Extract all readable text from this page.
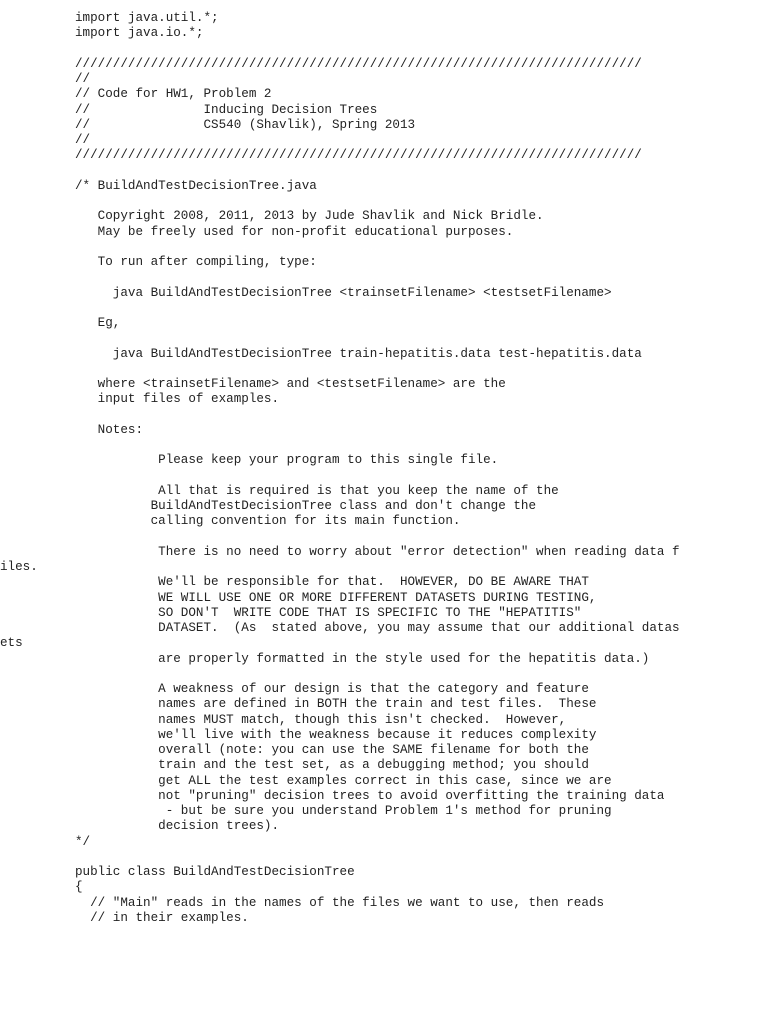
import java.util.*;
import java.io.*;
///////////////////////////////////////////////////////////////////////////
//
// Code for HW1, Problem 2
//               Inducing Decision Trees
//               CS540 (Shavlik), Spring 2013
//
///////////////////////////////////////////////////////////////////////////
/* BuildAndTestDecisionTree.java
Copyright 2008, 2011, 2013 by Jude Shavlik and Nick Bridle.
May be freely used for non-profit educational purposes.
To run after compiling, type:
java BuildAndTestDecisionTree <trainsetFilename> <testsetFilename>
Eg,
java BuildAndTestDecisionTree train-hepatitis.data test-hepatitis.data
where <trainsetFilename> and <testsetFilename> are the
input files of examples.
Notes:
Please keep your program to this single file.
All that is required is that you keep the name of the
BuildAndTestDecisionTree class and don't change the
calling convention for its main function.
There is no need to worry about "error detection" when reading data f
iles.
We'll be responsible for that.  HOWEVER, DO BE AWARE THAT
WE WILL USE ONE OR MORE DIFFERENT DATASETS DURING TESTING,
SO DON'T  WRITE CODE THAT IS SPECIFIC TO THE "HEPATITIS"
DATASET.  (As  stated above, you may assume that our additional datas
ets
are properly formatted in the style used for the hepatitis data.)
A weakness of our design is that the category and feature
names are defined in BOTH the train and test files.  These
names MUST match, though this isn't checked.  However,
we'll live with the weakness because it reduces complexity
overall (note: you can use the SAME filename for both the
train and the test set, as a debugging method; you should
get ALL the test examples correct in this case, since we are
not "pruning" decision trees to avoid overfitting the training data
- but be sure you understand Problem 1's method for pruning
decision trees).
*/
public class BuildAndTestDecisionTree
{
// "Main" reads in the names of the files we want to use, then reads
// in their examples.
